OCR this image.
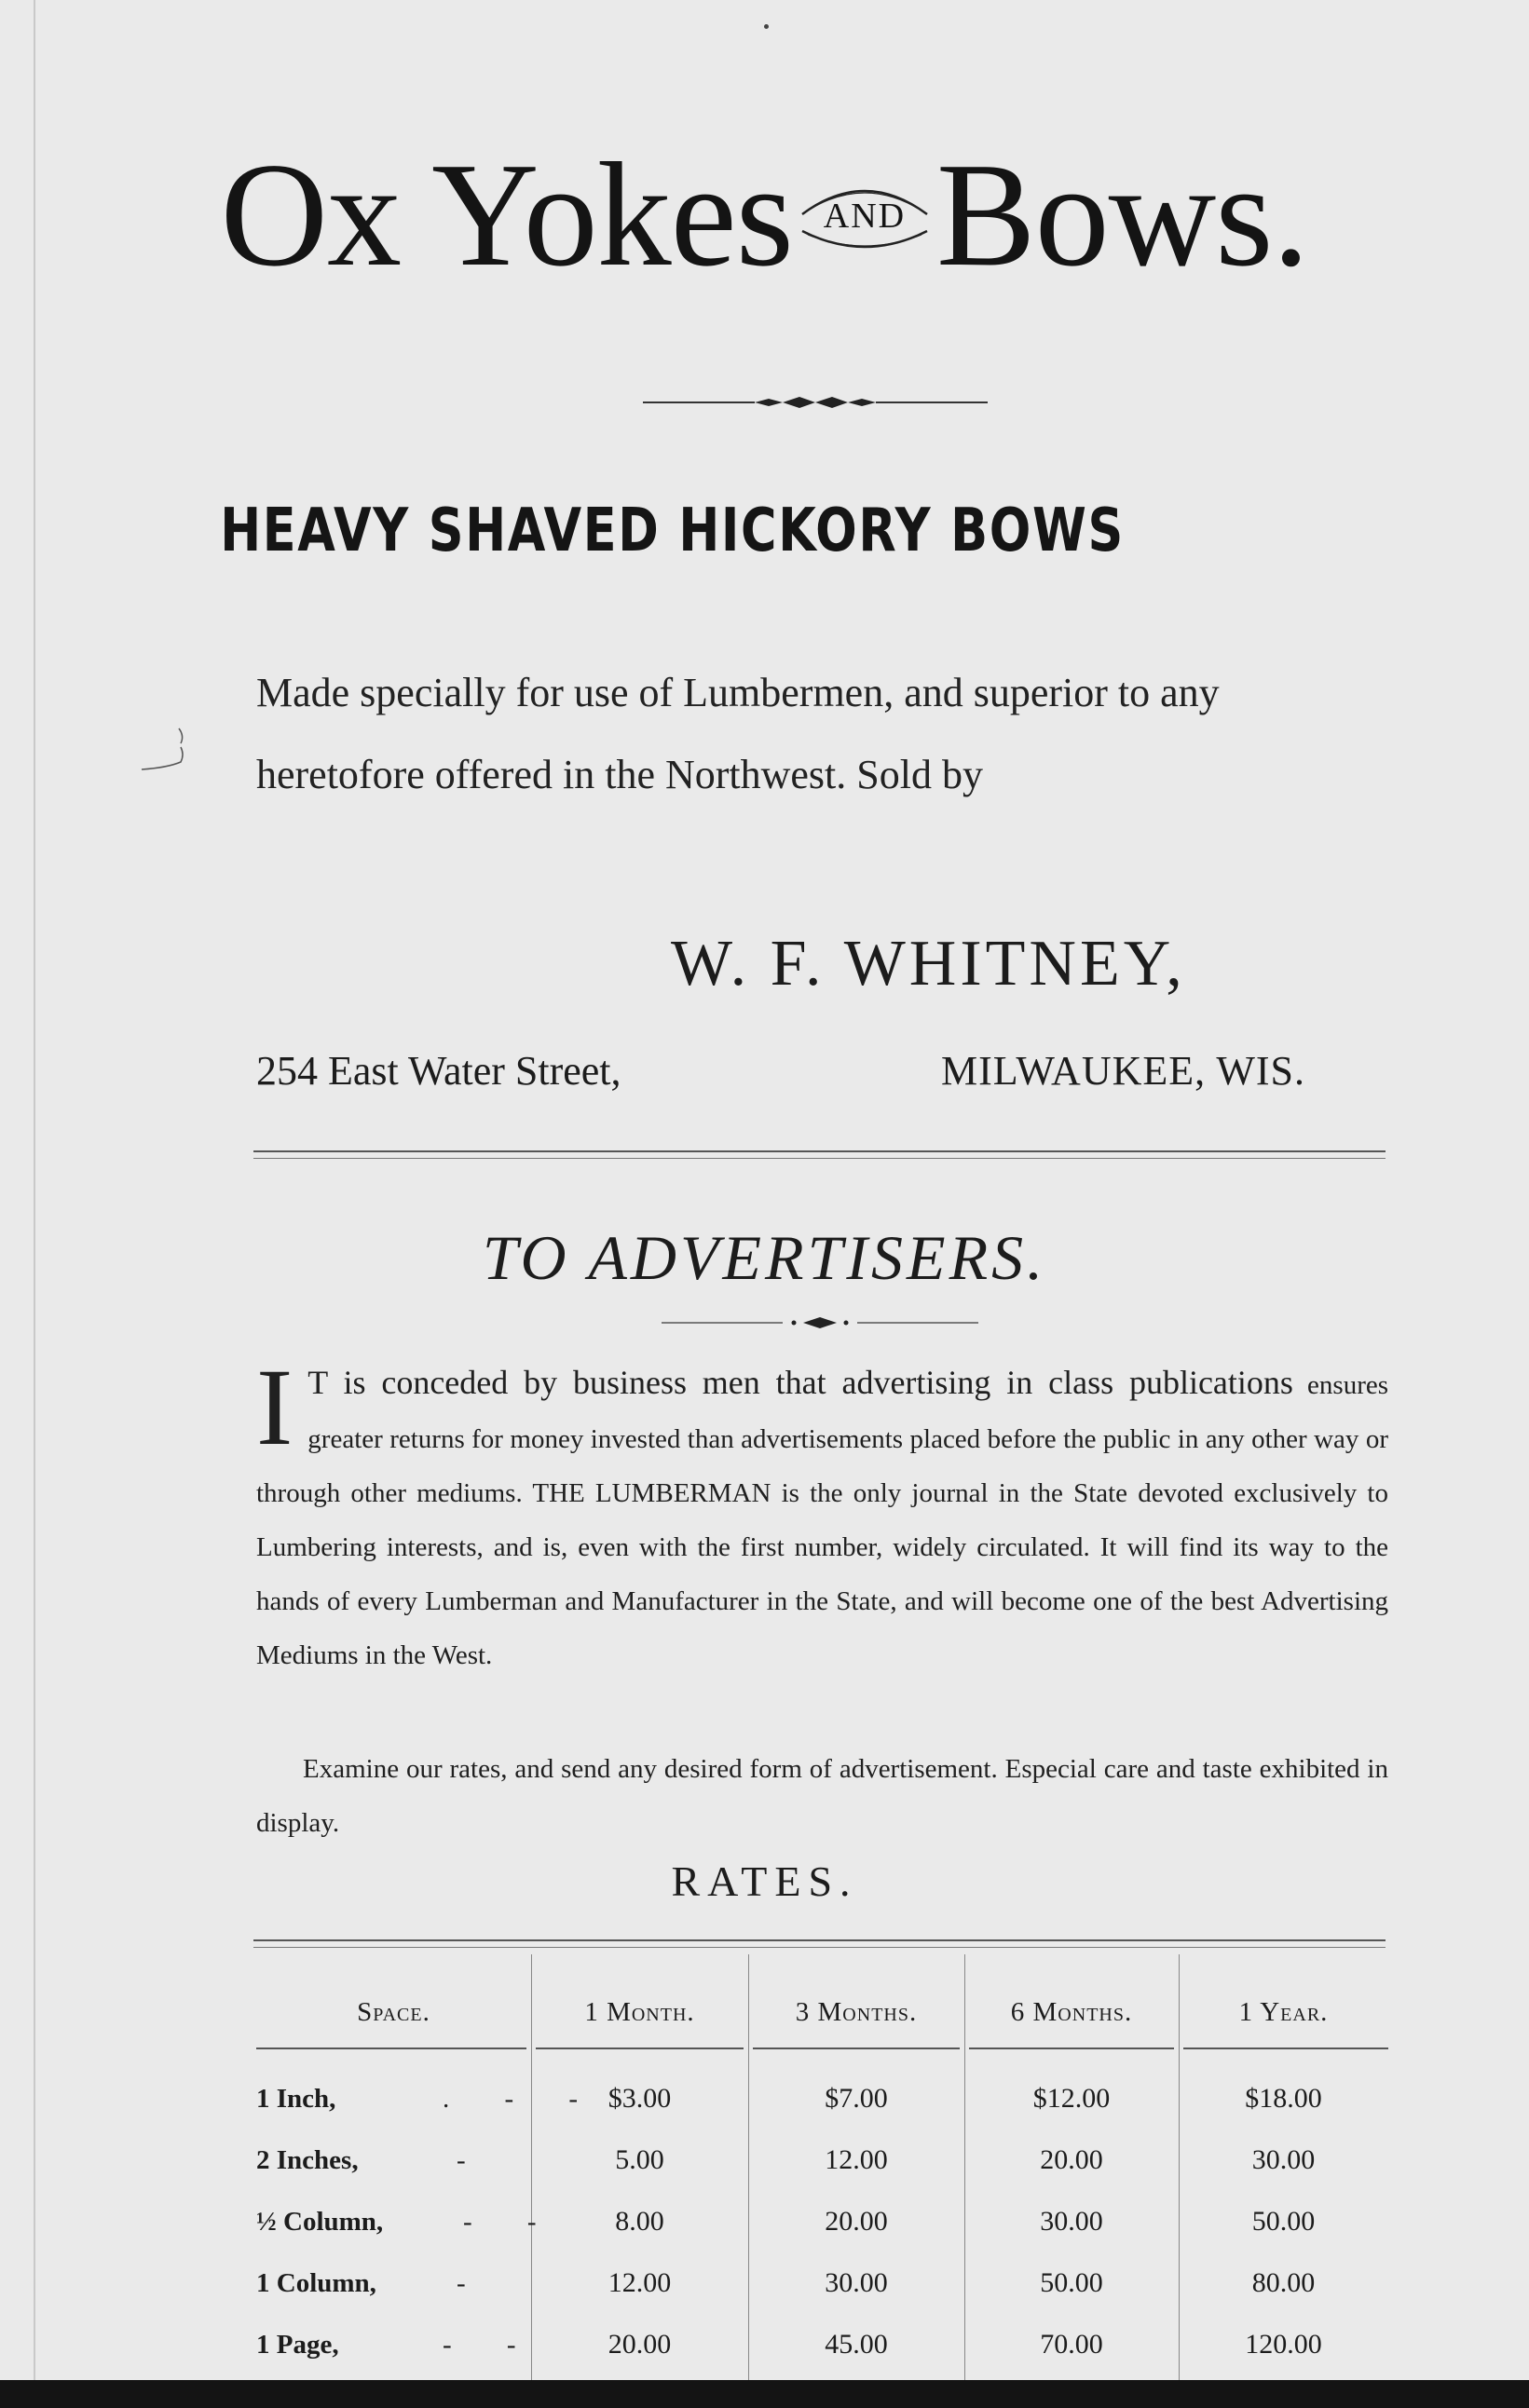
Ox Yokes AND Bows.
HEAVY SHAVED HICKORY BOWS
Made specially for use of Lumbermen, and superior to any
heretofore offered in the Northwest. Sold by
W. F. WHITNEY,
254 East Water Street,	MILWAUKEE, WIS.
TO ADVERTISERS.
I T is conceded by business men that advertising in class publications ensures greater returns for money invested than advertisements placed before the public in any other way or through other mediums. THE LUMBERMAN is the only journal in the State devoted exclusively to Lumbering interests, and is, even with the first number, widely circulated. It will find its way to the hands of every Lumberman and Manufacturer in the State, and will become one of the best Advertising Mediums in the West.
Examine our rates, and send any desired form of advertisement. Especial care and taste exhibited in display.
RATES.
Space.	1 Month.	3 Months.	6 Months.	1 Year.
1 Inch,	. - - $3.00	$7.00	$12.00	$18.00
2 Inches,	-	5.00	12.00	20.00	30.00
½ Column,	- -	8.00	20.00	30.00	50.00
1 Column,	-	12.00	30.00	50.00	80.00
1 Page,	- -	20.00	45.00	70.00	120.00
